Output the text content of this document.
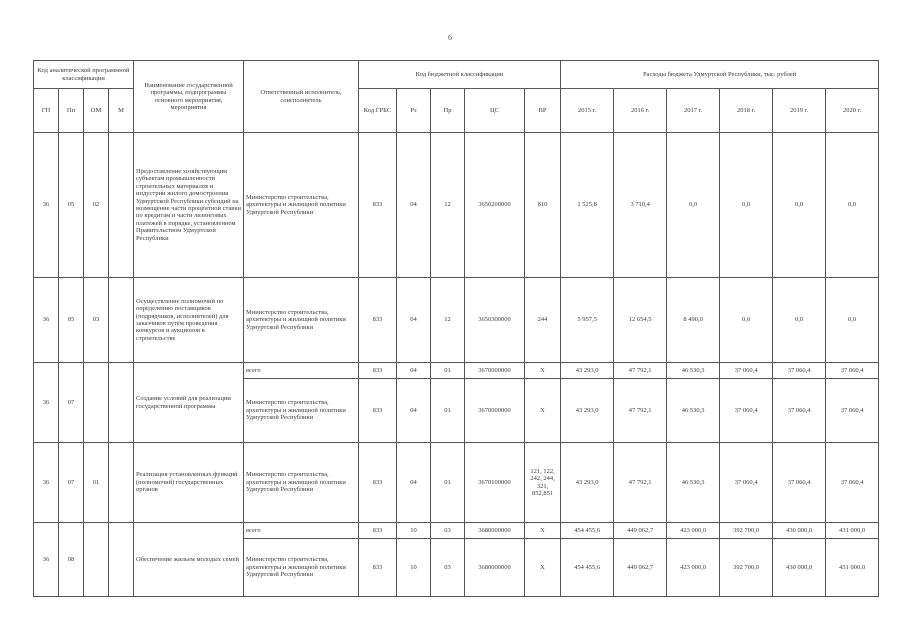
6
Код аналитической программной классификации				Наименование государственной программы, подпрограммы основного мероприятия, мероприятия	Ответственный исполнитель, соисполнитель	Код бюджетной классификации					Расходы бюджета Удмуртской Республики, тыс. рублей					
ГП	Пп	ОМ	М			Код ГРБС	Рз	Пр	ЦС	ВР	2015 г.	2016 г.	2017 г.	2018 г.	2019 г.	2020 г.
36	05	02		Предоставление хозяйствующим субъектам промышленности строительных материалов и индустрии жилого домостроения Удмуртской Республики субсидий на возмещение части процентной ставки по кредитам и части лизинговых платежей в порядке, установленном Правительством Удмуртской Республики	Министерство строительства, архитектуры и жилищной политики Удмуртской Республики	833	04	12	3650200000	810	1 525,8	3 710,4	0,0	0,0	0,0	0,0
36	05	03		Осуществление полномочий по определению поставщиков (подрядчиков, исполнителей) для заказчиков путём проведения конкурсов и аукционов в строительстве	Министерство строительства, архитектуры и жилищной политики Удмуртской Республики	833	04	12	3650300000	244	5 957,5	12 654,5	8 490,0	0,0	0,0	0,0
36	07			Создание условий для реализации государственной программы	всего	833	04	01	3670000000	Х	43 293,0	47 792,1	46 530,3	37 060,4	37 060,4	37 060,4
					Министерство строительства, архитектуры и жилищной политики Удмуртской Республики	833	04	01	3670000000	Х	43 293,0	47 792,1	46 530,3	37 060,4	37 060,4	37 060,4
36	07	01		Реализация установленных функций (полномочий) государственных органов	Министерство строительства, архитектуры и жилищной политики Удмуртской Республики	833	04	01	3670100000	121, 122, 242, 244, 321, 852,851	43 293,0	47 792,1	46 530,3	37 060,4	37 060,4	37 060,4
36	08			Обеспечение жильем молодых семей	всего	833	10	03	3680000000	Х	454 455,6	449 062,7	423 000,0	392 700,0	430 000,0	431 000,0
					Министерство строительства, архитектуры и жилищной политики Удмуртской Республики	833	10	03	3680000000	Х	454 455,6	449 062,7	423 000,0	392 700,0	430 000,0	431 000,0
